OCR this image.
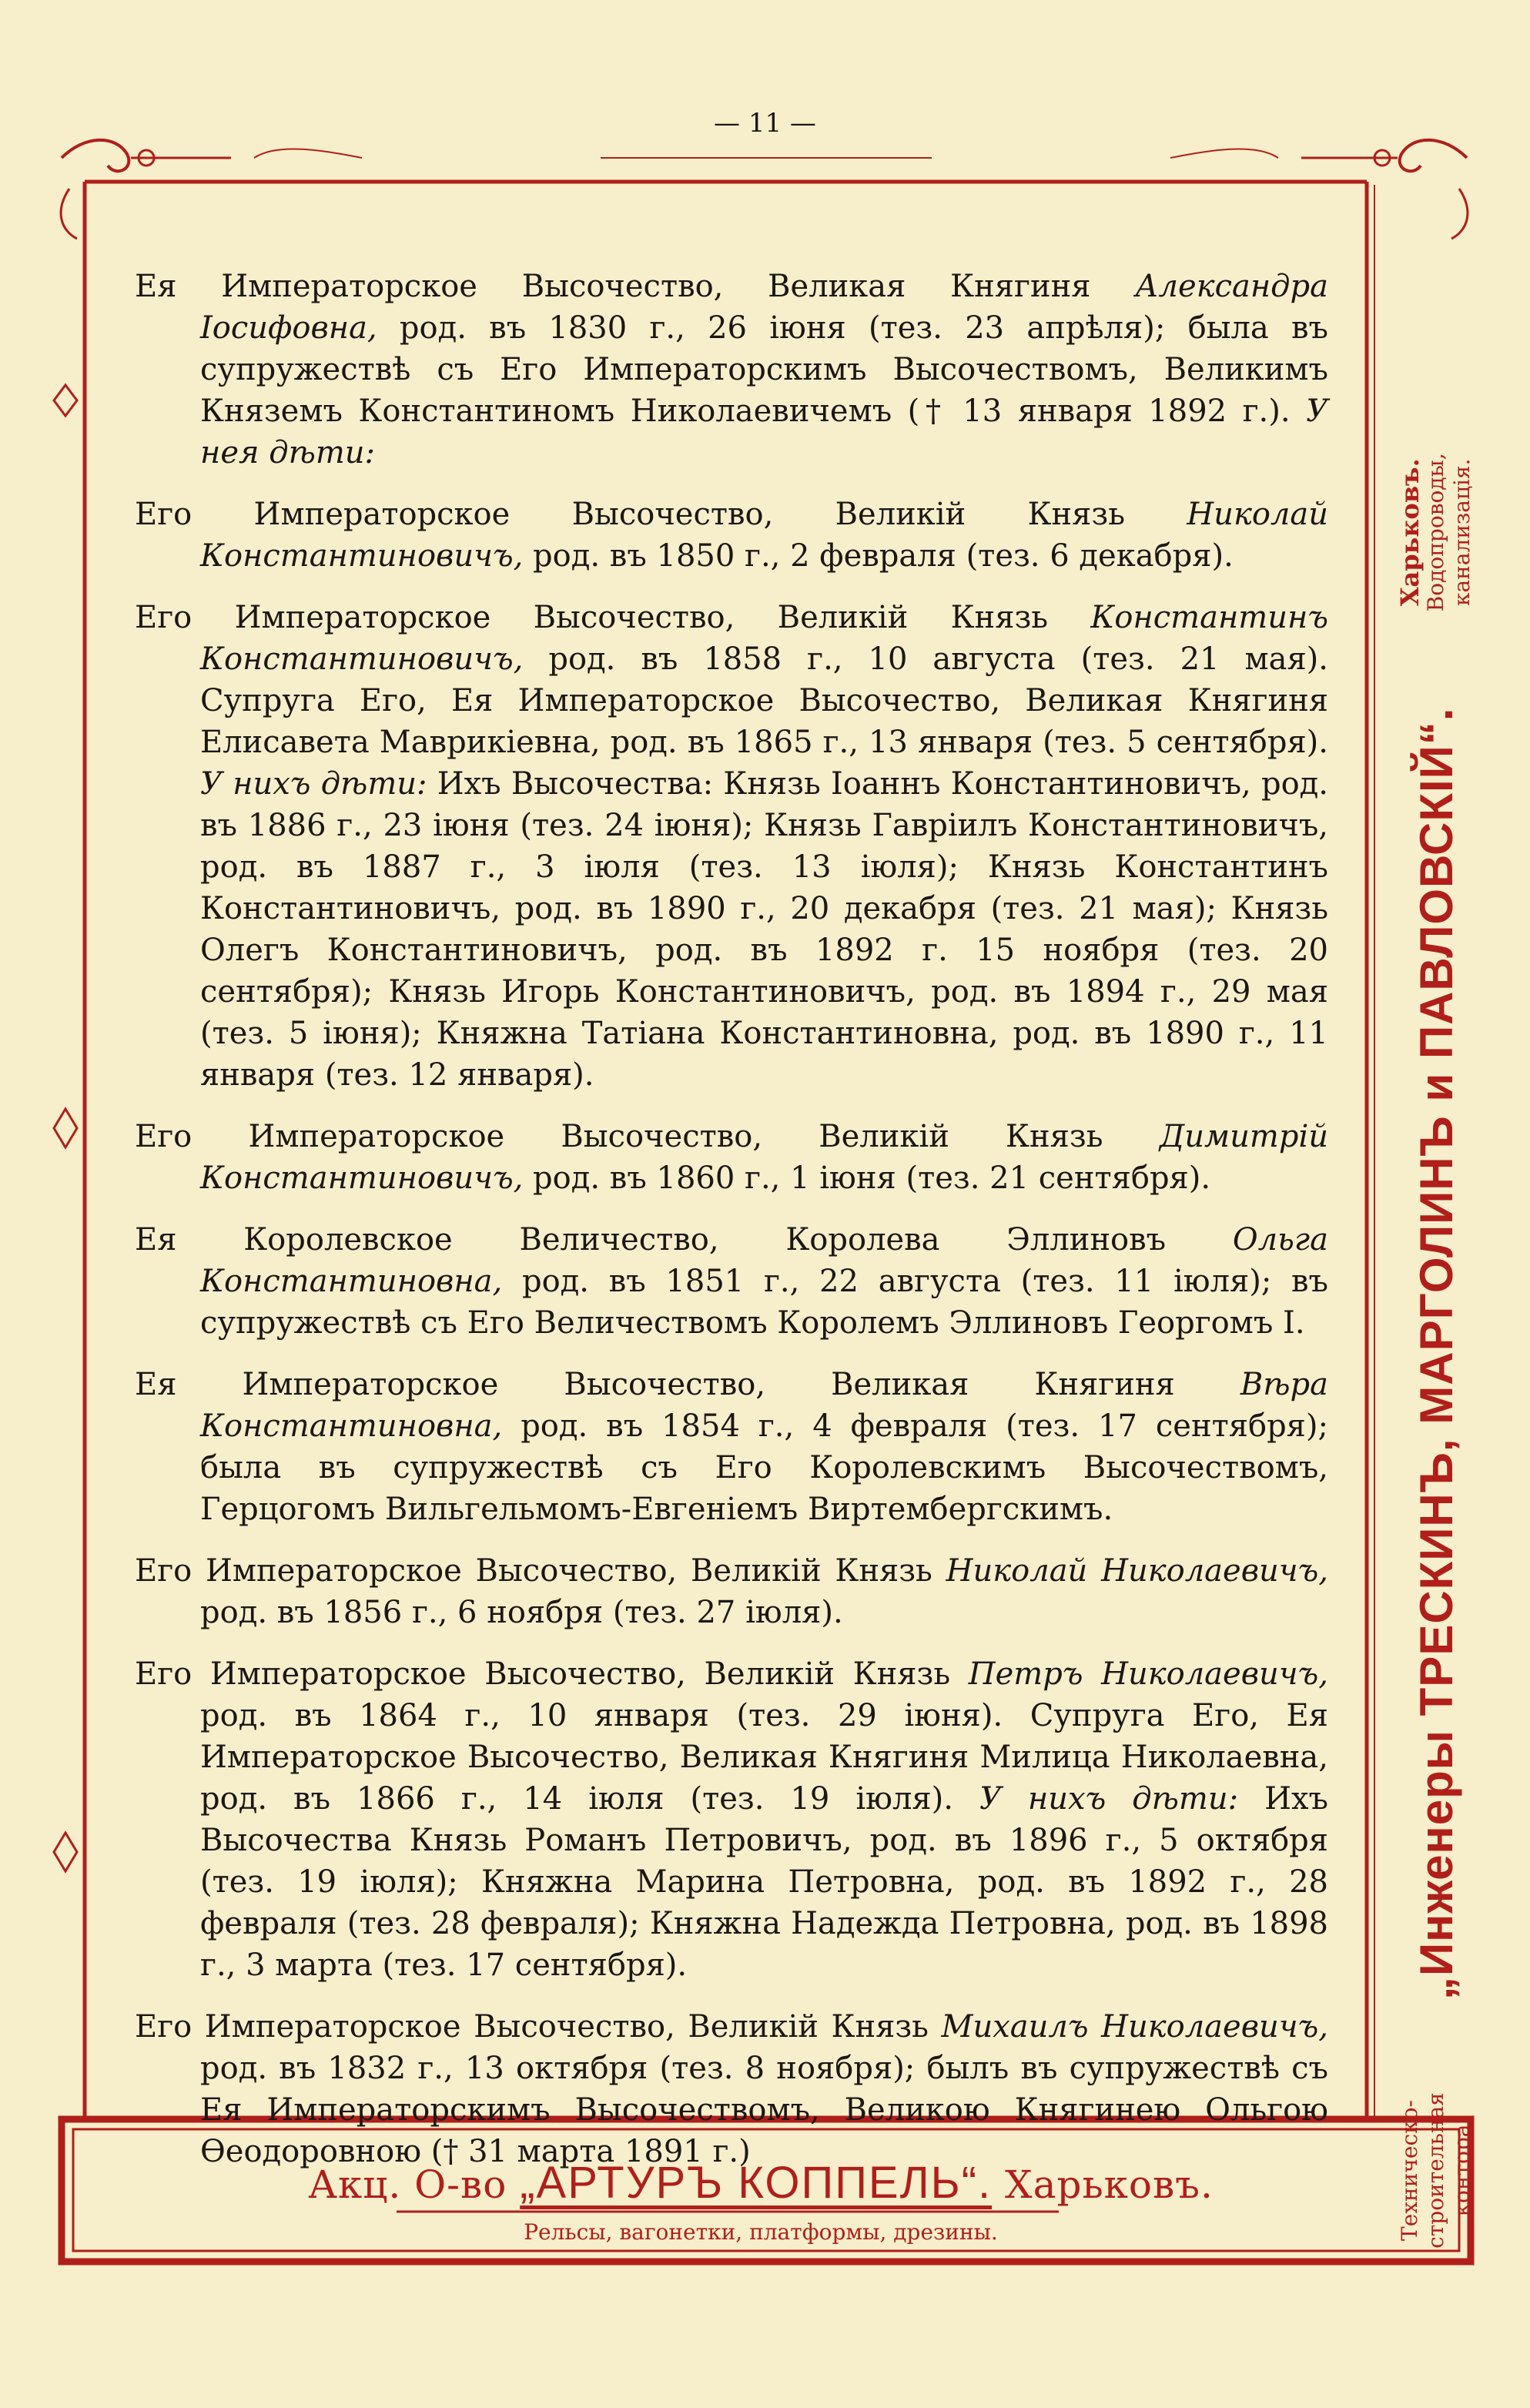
— 11 —

Ея Императорское Высочество, Великая Княгиня Александра Іосифовна, род. въ 1830 г., 26 іюня (тез. 23 апрѣля); была въ супружествѣ съ Его Императорскимъ Высочествомъ, Великимъ Княземъ Константиномъ Николаевичемъ († 13 января 1892 г.). У нея дѣти:

Его Императорское Высочество, Великій Князь Николай Константиновичъ, род. въ 1850 г., 2 февраля (тез. 6 декабря).

Его Императорское Высочество, Великій Князь Константинъ Константиновичъ, род. въ 1858 г., 10 августа (тез. 21 мая). Супруга Его, Ея Императорское Высочество, Великая Княгиня Елисавета Маврикіевна, род. въ 1865 г., 13 января (тез. 5 сентября). У нихъ дѣти: Ихъ Высочества: Князь Іоаннъ Константиновичъ, род. въ 1886 г., 23 іюня (тез. 24 іюня); Князь Гавріилъ Константиновичъ, род. въ 1887 г., 3 іюля (тез. 13 іюля); Князь Константинъ Константиновичъ, род. въ 1890 г., 20 декабря (тез. 21 мая); Князь Олегъ Константиновичъ, род. въ 1892 г. 15 ноября (тез. 20 сентября); Князь Игорь Константиновичъ, род. въ 1894 г., 29 мая (тез. 5 іюня); Княжна Татіана Константиновна, род. въ 1890 г., 11 января (тез. 12 января).

Его Императорское Высочество, Великій Князь Димитрій Константиновичъ, род. въ 1860 г., 1 іюня (тез. 21 сентября).

Ея Королевское Величество, Королева Эллиновъ Ольга Константиновна, род. въ 1851 г., 22 августа (тез. 11 іюля); въ супружествѣ съ Его Величествомъ Королемъ Эллиновъ Георгомъ I.

Ея Императорское Высочество, Великая Княгиня Вѣра Константиновна, род. въ 1854 г., 4 февраля (тез. 17 сентября); была въ супружествѣ съ Его Королевскимъ Высочествомъ, Герцогомъ Вильгельмомъ-Евгеніемъ Виртембергскимъ.

Его Императорское Высочество, Великій Князь Николай Николаевичъ, род. въ 1856 г., 6 ноября (тез. 27 іюля).

Его Императорское Высочество, Великій Князь Петръ Николаевичъ, род. въ 1864 г., 10 января (тез. 29 іюня). Супруга Его, Ея Императорское Высочество, Великая Княгиня Милица Николаевна, род. въ 1866 г., 14 іюля (тез. 19 іюля). У нихъ дѣти: Ихъ Высочества Князь Романъ Петровичъ, род. въ 1896 г., 5 октября (тез. 19 іюля); Княжна Марина Петровна, род. въ 1892 г., 28 февраля (тез. 28 февраля); Княжна Надежда Петровна, род. въ 1898 г., 3 марта (тез. 17 сентября).

Его Императорское Высочество, Великій Князь Михаилъ Николаевичъ, род. въ 1832 г., 13 октября (тез. 8 ноября); былъ въ супружествѣ съ Ея Императорскимъ Высочествомъ, Великою Княгинею Ольгою Ѳеодоровною († 31 марта 1891 г.)	Техническо-строительная контора
„Инженеры ТРЕСКИНЪ, МАРГОЛИНЪ и ПАВЛОВСКІЙ“.
Харьковъ.
Водопроводы, канализація.
Акц. О-во „АРТУРЪ КОППЕЛЬ“. Харьковъ.
Рельсы, вагонетки, платформы, дрезины.
